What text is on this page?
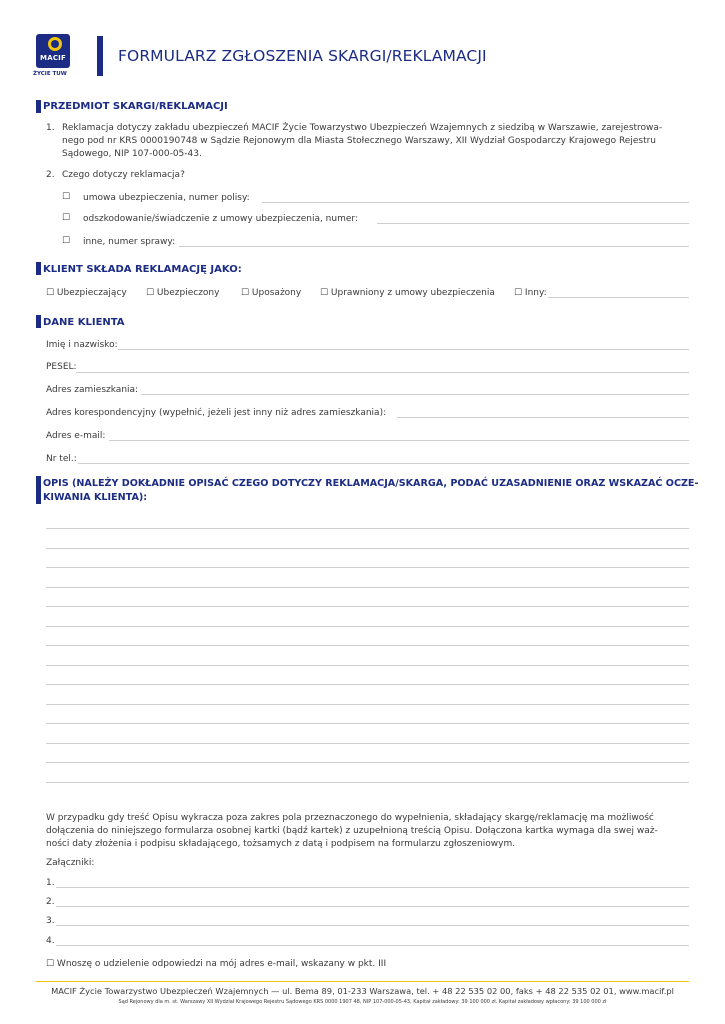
MACIF
ŻYCIE TUW
FORMULARZ ZGŁOSZENIA SKARGI/REKLAMACJI
PRZEDMIOT SKARGI/REKLAMACJI
1. Reklamacja dotyczy zakładu ubezpieczeń MACIF Życie Towarzystwo Ubezpieczeń Wzajemnych z siedzibą w Warszawie, zarejestrowa-
nego pod nr KRS 0000190748 w Sądzie Rejonowym dla Miasta Stołecznego Warszawy, XII Wydział Gospodarczy Krajowego Rejestru
Sądowego, NIP 107-000-05-43.
2. Czego dotyczy reklamacja?
☐ umowa ubezpieczenia, numer polisy:
☐ odszkodowanie/świadczenie z umowy ubezpieczenia, numer:
☐ inne, numer sprawy:
KLIENT SKŁADA REKLAMACJĘ JAKO:
☐ Ubezpieczający ☐ Ubezpieczony ☐ Uposażony ☐ Uprawniony z umowy ubezpieczenia ☐ Inny:
DANE KLIENTA
Imię i nazwisko:
PESEL:
Adres zamieszkania:
Adres korespondencyjny (wypełnić, jeżeli jest inny niż adres zamieszkania):
Adres e-mail:
Nr tel.:
OPIS (NALEŻY DOKŁADNIE OPISAĆ CZEGO DOTYCZY REKLAMACJA/SKARGA, PODAĆ UZASADNIENIE ORAZ WSKAZAĆ OCZE-
KIWANIA KLIENTA):
W przypadku gdy treść Opisu wykracza poza zakres pola przeznaczonego do wypełnienia, składający skargę/reklamację ma możliwość
dołączenia do niniejszego formularza osobnej kartki (bądź kartek) z uzupełnioną treścią Opisu. Dołączona kartka wymaga dla swej waż-
ności daty złożenia i podpisu składającego, tożsamych z datą i podpisem na formularzu zgłoszeniowym.
Załączniki:
1.
2.
3.
4.
☐ Wnoszę o udzielenie odpowiedzi na mój adres e-mail, wskazany w pkt. III
MACIF Życie Towarzystwo Ubezpieczeń Wzajemnych — ul. Bema 89, 01-233 Warszawa, tel. + 48 22 535 02 00, faks + 48 22 535 02 01, www.macif.pl
Sąd Rejonowy dla m. st. Warszawy XII Wydział Krajowego Rejestru Sądowego KRS 0000 1907 48, NIP 107-000-05-43, Kapitał zakładowy: 39 100 000 zł. Kapitał zakładowy wpłacony: 39 100 000 zł
